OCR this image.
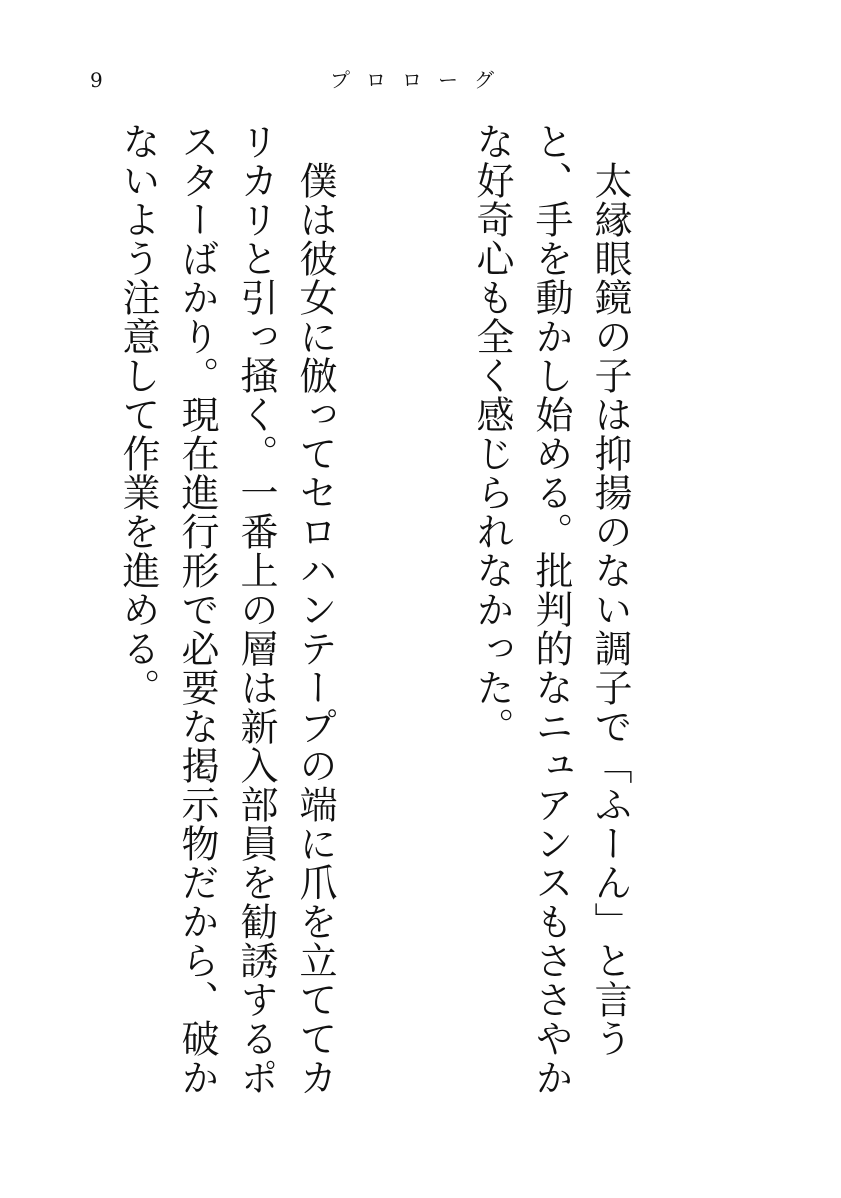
9	プロローグ

　太縁眼鏡の子は抑揚のない調子で「ふーん」と言うと、手を動かし始める。批判的なニュアンスもささやかな好奇心も全く感じられなかった。

　僕は彼女に倣ってセロハンテープの端に爪を立ててカリカリと引っ掻く。一番上の層は新入部員を勧誘するポスターばかり。現在進行形で必要な掲示物だから、破かないよう注意して作業を進める。
